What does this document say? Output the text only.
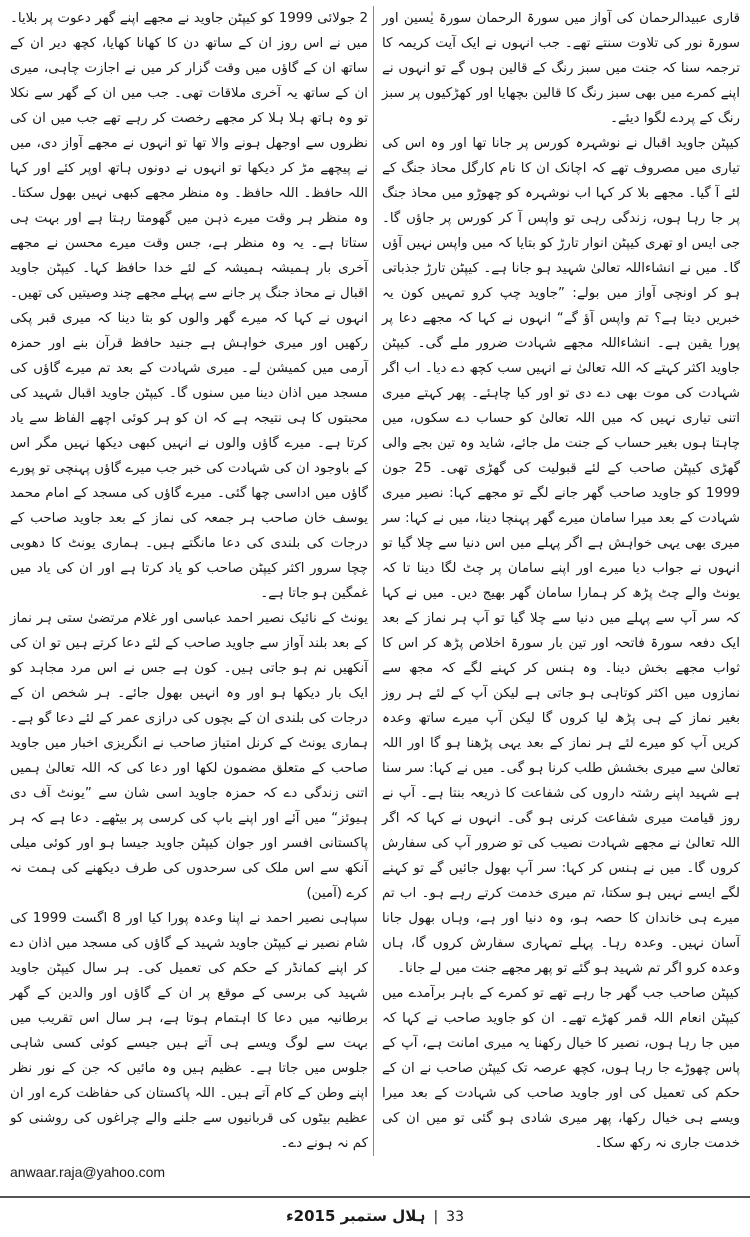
قاری عبیدالرحمان کی آواز میں سورۃ الرحمان سورۃ یٰسین اور سورۃ نور کی تلاوت سنتے تھے۔ جب انہوں نے ایک آیت کریمہ کا ترجمہ سنا کہ جنت میں سبز رنگ کے قالین ہوں گے تو انہوں نے اپنے کمرے میں بھی سبز رنگ کا قالین بچھایا اور کھڑکیوں پر سبز رنگ کے پردے لگوا دیئے۔

کیپٹن جاوید اقبال نے نوشہرہ کورس پر جانا تھا اور وہ اس کی تیاری میں مصروف تھے کہ اچانک ان کا نام کارگل محاذ جنگ کے لئے آ گیا۔ مجھے بلا کر کہا اب نوشہرہ کو چھوڑو میں محاذ جنگ پر جا رہا ہوں، زندگی رہی تو واپس آ کر کورس پر جاؤں گا۔ جی ایس او تھری کیپٹن انوار تارڑ کو بتایا کہ میں واپس نہیں آؤں گا۔ میں نے انشاءاللہ تعالیٰ شہید ہو جانا ہے۔ کیپٹن تارڑ جذباتی ہو کر اونچی آواز میں بولے: ”جاوید چپ کرو تمہیں کون یہ خبریں دیتا ہے؟ تم واپس آؤ گے“ انہوں نے کہا کہ مجھے دعا پر پورا یقین ہے۔ انشاءاللہ مجھے شہادت ضرور ملے گی۔ کیپٹن جاوید اکثر کہتے کہ اللہ تعالیٰ نے انہیں سب کچھ دے دیا۔ اب اگر شہادت کی موت بھی دے دی تو اور کیا چاہئے۔ پھر کہتے میری اتنی تیاری نہیں کہ میں اللہ تعالیٰ کو حساب دے سکوں، میں چاہتا ہوں بغیر حساب کے جنت مل جائے، شاید وہ تین بجے والی گھڑی کیپٹن صاحب کے لئے قبولیت کی گھڑی تھی۔ 25 جون 1999 کو جاوید صاحب گھر جانے لگے تو مجھے کہا: نصیر میری شہادت کے بعد میرا سامان میرے گھر پہنچا دینا، میں نے کہا: سر میری بھی یہی خواہش ہے اگر پہلے میں اس دنیا سے چلا گیا تو انہوں نے جواب دیا میرے اور اپنے سامان پر چٹ لگا دینا تا کہ یونٹ والے چٹ پڑھ کر ہمارا سامان گھر بھیج دیں۔ میں نے کہا کہ سر آپ سے پہلے میں دنیا سے چلا گیا تو آپ ہر نماز کے بعد ایک دفعہ سورۃ فاتحہ اور تین بار سورۃ اخلاص پڑھ کر اس کا ثواب مجھے بخش دینا۔ وہ ہنس کر کہنے لگے کہ مجھ سے نمازوں میں اکثر کوتاہی ہو جاتی ہے لیکن آپ کے لئے ہر روز بغیر نماز کے ہی پڑھ لیا کروں گا لیکن آپ میرے ساتھ وعدہ کریں آپ کو میرے لئے ہر نماز کے بعد یہی پڑھنا ہو گا اور اللہ تعالیٰ سے میری بخشش طلب کرنا ہو گی۔ میں نے کہا: سر سنا ہے شہید اپنے رشتہ داروں کی شفاعت کا ذریعہ بنتا ہے۔ آپ نے روز قیامت میری شفاعت کرنی ہو گی۔ انہوں نے کہا کہ اگر اللہ تعالیٰ نے مجھے شہادت نصیب کی تو ضرور آپ کی سفارش کروں گا۔ میں نے ہنس کر کہا: سر آپ بھول جائیں گے تو کہنے لگے ایسے نہیں ہو سکتا، تم میری خدمت کرتے رہے ہو۔ اب تم میرے ہی خاندان کا حصہ ہو، وہ دنیا اور ہے، وہاں بھول جانا آسان نہیں۔ وعدہ رہا۔ پہلے تمہاری سفارش کروں گا، ہاں وعدہ کرو اگر تم شہید ہو گئے تو پھر مجھے جنت میں لے جانا۔

کیپٹن صاحب جب گھر جا رہے تھے تو کمرے کے باہر برآمدے میں کیپٹن انعام اللہ قمر کھڑے تھے۔ ان کو جاوید صاحب نے کہا کہ میں جا رہا ہوں، نصیر کا خیال رکھنا یہ میری امانت ہے، آپ کے پاس چھوڑے جا رہا ہوں، کچھ عرصہ تک کیپٹن صاحب نے ان کے حکم کی تعمیل کی اور جاوید صاحب کی شہادت کے بعد میرا ویسے ہی خیال رکھا، پھر میری شادی ہو گئی تو میں ان کی خدمت جاری نہ رکھ سکا۔

2 جولائی 1999 کو کیپٹن جاوید نے مجھے اپنے گھر دعوت پر بلایا۔ میں نے اس روز ان کے ساتھ دن کا کھانا کھایا، کچھ دیر ان کے ساتھ ان کے گاؤں میں وقت گزار کر میں نے اجازت چاہی، میری ان کے ساتھ یہ آخری ملاقات تھی۔ جب میں ان کے گھر سے نکلا تو وہ ہاتھ ہلا ہلا کر مجھے رخصت کر رہے تھے جب میں ان کی نظروں سے اوجھل ہونے والا تھا تو انہوں نے مجھے آواز دی، میں نے پیچھے مڑ کر دیکھا تو انہوں نے دونوں ہاتھ اوپر کئے اور کہا اللہ حافظ۔ اللہ حافظ۔ وہ منظر مجھے کبھی نہیں بھول سکتا۔ وہ منظر ہر وقت میرے ذہن میں گھومتا رہتا ہے اور بہت ہی ستاتا ہے۔ یہ وہ منظر ہے، جس وقت میرے محسن نے مجھے آخری بار ہمیشہ ہمیشہ کے لئے خدا حافظ کہا۔ کیپٹن جاوید اقبال نے محاذ جنگ پر جانے سے پہلے مجھے چند وصیتیں کی تھیں۔ انہوں نے کہا کہ میرے گھر والوں کو بتا دینا کہ میری قبر پکی رکھیں اور میری خواہش ہے جنید حافظ قرآن بنے اور حمزہ آرمی میں کمیشن لے۔ میری شہادت کے بعد تم میرے گاؤں کی مسجد میں اذان دینا میں سنوں گا۔ کیپٹن جاوید اقبال شہید کی محبتوں کا ہی نتیجہ ہے کہ ان کو ہر کوئی اچھے الفاظ سے یاد کرتا ہے۔ میرے گاؤں والوں نے انہیں کبھی دیکھا نہیں مگر اس کے باوجود ان کی شہادت کی خبر جب میرے گاؤں پہنچی تو پورے گاؤں میں اداسی چھا گئی۔ میرے گاؤں کی مسجد کے امام محمد یوسف خان صاحب ہر جمعہ کی نماز کے بعد جاوید صاحب کے درجات کی بلندی کی دعا مانگتے ہیں۔ ہماری یونٹ کا دھوبی چچا سرور اکثر کیپٹن صاحب کو یاد کرتا ہے اور ان کی یاد میں غمگین ہو جاتا ہے۔

یونٹ کے نائیک نصیر احمد عباسی اور غلام مرتضیٰ ستی ہر نماز کے بعد بلند آواز سے جاوید صاحب کے لئے دعا کرتے ہیں تو ان کی آنکھیں نم ہو جاتی ہیں۔ کون ہے جس نے اس مرد مجاہد کو ایک بار دیکھا ہو اور وہ انہیں بھول جائے۔ ہر شخص ان کے درجات کی بلندی ان کے بچوں کی درازی عمر کے لئے دعا گو ہے۔ ہماری یونٹ کے کرنل امتیاز صاحب نے انگریزی اخبار میں جاوید صاحب کے متعلق مضمون لکھا اور دعا کی کہ اللہ تعالیٰ ہمیں اتنی زندگی دے کہ حمزہ جاوید اسی شان سے ”یونٹ آف دی ہیوئز“ میں آئے اور اپنے باپ کی کرسی پر بیٹھے۔ دعا ہے کہ ہر پاکستانی افسر اور جوان کیپٹن جاوید جیسا ہو اور کوئی میلی آنکھ سے اس ملک کی سرحدوں کی طرف دیکھنے کی ہمت نہ کرے (آمین)

سپاہی نصیر احمد نے اپنا وعدہ پورا کیا اور 8 اگست 1999 کی شام نصیر نے کیپٹن جاوید شہید کے گاؤں کی مسجد میں اذان دے کر اپنے کمانڈر کے حکم کی تعمیل کی۔ ہر سال کیپٹن جاوید شہید کی برسی کے موقع پر ان کے گاؤں اور والدین کے گھر برطانیہ میں دعا کا اہتمام ہوتا ہے، ہر سال اس تقریب میں بہت سے لوگ ویسے ہی آتے ہیں جیسے کوئی کسی شاہی جلوس میں جاتا ہے۔ عظیم ہیں وہ مائیں کہ جن کے نور نظر اپنے وطن کے کام آتے ہیں۔ اللہ پاکستان کی حفاظت کرے اور ان عظیم بیٹوں کی قربانیوں سے جلنے والے چراغوں کی روشنی کو کم نہ ہونے دے۔

anwaar.raja@yahoo.com
ہلال ستمبر 2015ء | 33
